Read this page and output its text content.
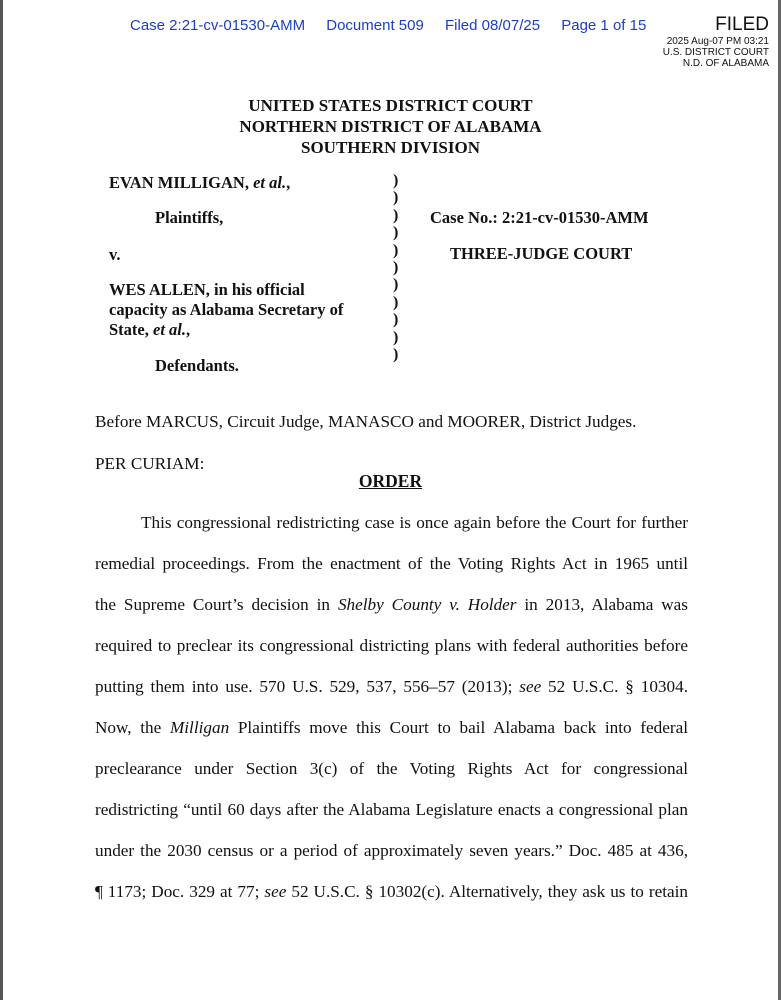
Case 2:21-cv-01530-AMM Document 509 Filed 08/07/25 Page 1 of 15	FILED
2025 Aug-07 PM 03:21
U.S. DISTRICT COURT
N.D. OF ALABAMA
UNITED STATES DISTRICT COURT
NORTHERN DISTRICT OF ALABAMA
SOUTHERN DIVISION
EVAN MILLIGAN, et al.,
Plaintiffs,
v.
WES ALLEN, in his official
capacity as Alabama Secretary of
State, et al.,
Defendants.
)
)
)
)
)
)
)
)
)
)
)
Case No.: 2:21-cv-01530-AMM
THREE-JUDGE COURT
Before MARCUS, Circuit Judge, MANASCO and MOORER, District Judges.
PER CURIAM:
ORDER
This congressional redistricting case is once again before the Court for further
remedial proceedings. From the enactment of the Voting Rights Act in 1965 until
the Supreme Court’s decision in Shelby County v. Holder in 2013, Alabama was
required to preclear its congressional districting plans with federal authorities before
putting them into use. 570 U.S. 529, 537, 556–57 (2013); see 52 U.S.C. § 10304.
Now, the Milligan Plaintiffs move this Court to bail Alabama back into federal
preclearance under Section 3(c) of the Voting Rights Act for congressional
redistricting “until 60 days after the Alabama Legislature enacts a congressional plan
under the 2030 census or a period of approximately seven years.” Doc. 485 at 436,
¶ 1173; Doc. 329 at 77; see 52 U.S.C. § 10302(c). Alternatively, they ask us to retain
